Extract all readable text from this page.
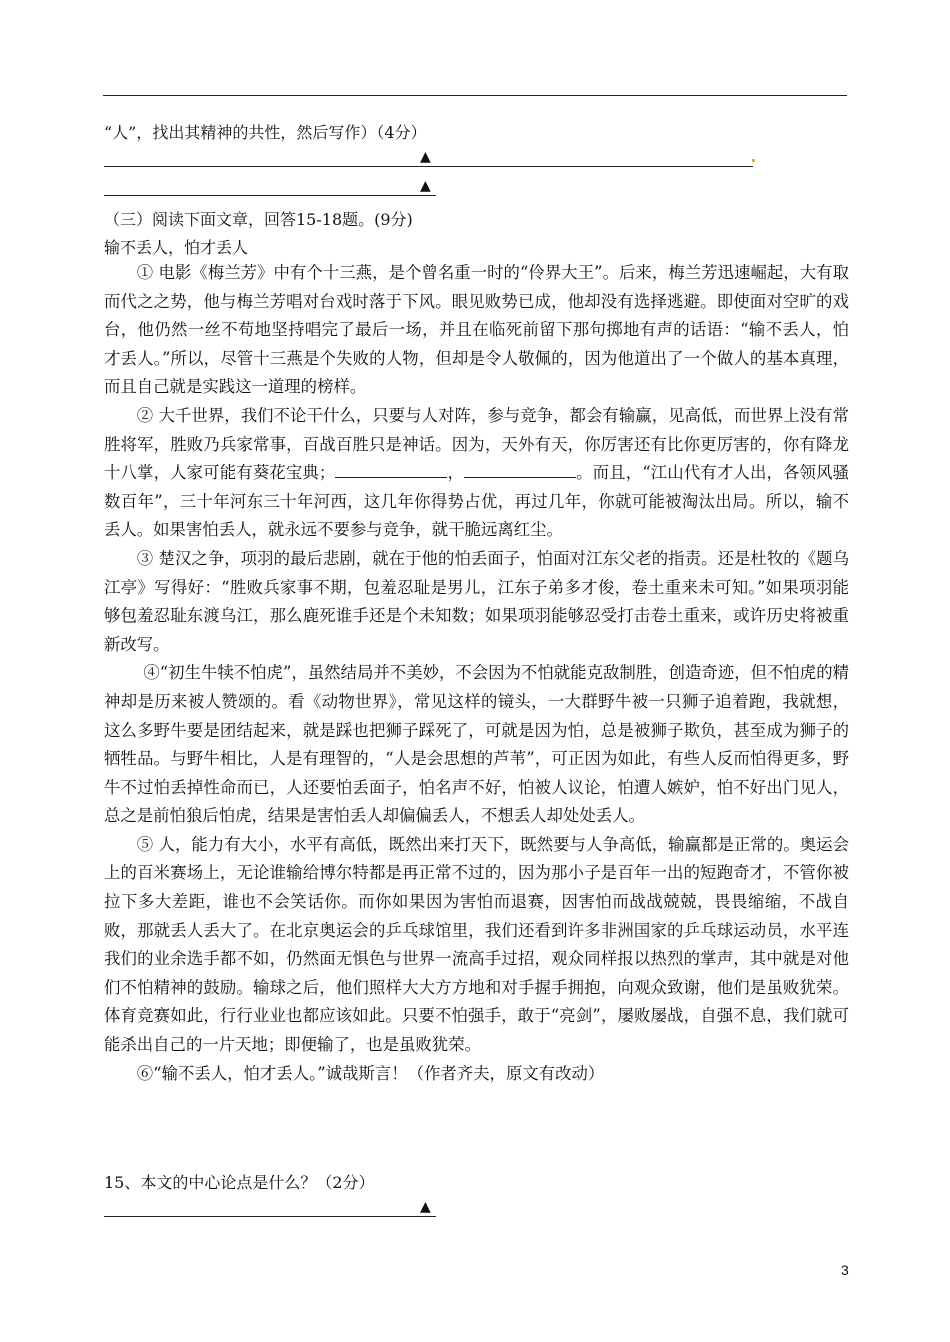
“人”，找出其精神的共性，然后写作）（4分）
▲
▲
（三）阅读下面文章，回答15-18题。(9分)
输不丢人，怕才丢人

① 电影《梅兰芳》中有个十三燕，是个曾名重一时的“伶界大王”。后来，梅兰芳迅速崛起，大有取而代之之势，他与梅兰芳唱对台戏时落于下风。眼见败势已成，他却没有选择逃避。即使面对空旷的戏台，他仍然一丝不苟地坚持唱完了最后一场，并且在临死前留下那句掷地有声的话语：“输不丢人，怕才丢人。”所以，尽管十三燕是个失败的人物，但却是令人敬佩的，因为他道出了一个做人的基本真理，而且自己就是实践这一道理的榜样。

② 大千世界，我们不论干什么，只要与人对阵，参与竞争，都会有输赢，见高低，而世界上没有常胜将军，胜败乃兵家常事，百战百胜只是神话。因为，天外有天，你厉害还有比你更厉害的，你有降龙十八掌，人家可能有葵花宝典；	，	。而且，“江山代有才人出，各领风骚数百年”，三十年河东三十年河西，这几年你得势占优，再过几年，你就可能被淘汰出局。所以，输不丢人。如果害怕丢人，就永远不要参与竞争，就干脆远离红尘。

③ 楚汉之争，项羽的最后悲剧，就在于他的怕丢面子，怕面对江东父老的指责。还是杜牧的《题乌江亭》写得好：“胜败兵家事不期，包羞忍耻是男儿，江东子弟多才俊，卷土重来未可知。”如果项羽能够包羞忍耻东渡乌江，那么鹿死谁手还是个未知数；如果项羽能够忍受打击卷土重来，或许历史将被重新改写。

④“初生牛犊不怕虎”，虽然结局并不美妙，不会因为不怕就能克敌制胜，创造奇迹，但不怕虎的精神却是历来被人赞颂的。看《动物世界》，常见这样的镜头，一大群野牛被一只狮子追着跑，我就想，这么多野牛要是团结起来，就是踩也把狮子踩死了，可就是因为怕，总是被狮子欺负，甚至成为狮子的牺牲品。与野牛相比，人是有理智的，“人是会思想的芦苇”，可正因为如此，有些人反而怕得更多，野牛不过怕丢掉性命而已，人还要怕丢面子，怕名声不好，怕被人议论，怕遭人嫉妒，怕不好出门见人，总之是前怕狼后怕虎，结果是害怕丢人却偏偏丢人，不想丢人却处处丢人。

⑤ 人，能力有大小，水平有高低，既然出来打天下，既然要与人争高低，输赢都是正常的。奥运会上的百米赛场上，无论谁输给博尔特都是再正常不过的，因为那小子是百年一出的短跑奇才，不管你被拉下多大差距，谁也不会笑话你。而你如果因为害怕而退赛，因害怕而战战兢兢，畏畏缩缩，不战自败，那就丢人丢大了。在北京奥运会的乒乓球馆里，我们还看到许多非洲国家的乒乓球运动员，水平连我们的业余选手都不如，仍然面无惧色与世界一流高手过招，观众同样报以热烈的掌声，其中就是对他们不怕精神的鼓励。输球之后，他们照样大大方方地和对手握手拥抱，向观众致谢，他们是虽败犹荣。体育竞赛如此，行行业业也都应该如此。只要不怕强手，敢于“亮剑”，屡败屡战，自强不息，我们就可能杀出自己的一片天地；即便输了，也是虽败犹荣。

⑥“输不丢人，怕才丢人。”诚哉斯言！（作者齐夫，原文有改动）

15、本文的中心论点是什么？（2分）
▲
3
